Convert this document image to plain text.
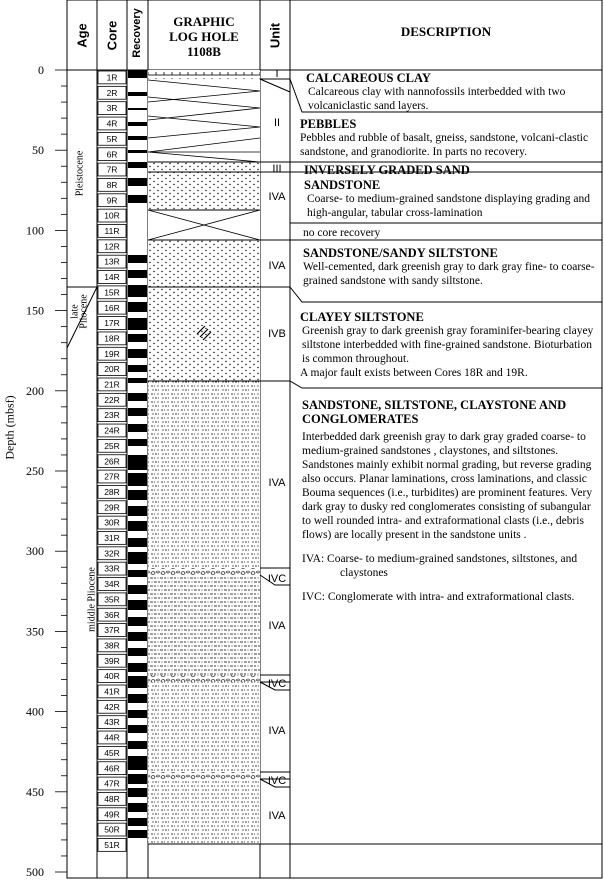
0
50
100
150
200
250
300
350
400
450
500
1R
2R
3R
4R
5R
6R
7R
8R
9R
10R
11R
12R
13R
14R
15R
16R
17R
18R
19R
20R
21R
22R
23R
24R
25R
26R
27R
28R
29R
30R
31R
32R
33R
34R
35R
36R
37R
38R
39R
40R
41R
42R
43R
44R
45R
46R
47R
48R
49R
50R
51R
I
II
III
IVA
IVA
IVB
IVA
IVC
IVA
IVC
IVA
IVC
IVA
Age Core Recovery	GRAPHIC
LOG HOLE
1108B
Unit	DESCRIPTION
Depth (mbsf)
Pleistocene
late
Pliocene
middle Pliocene

CALCAREOUS CLAY

Calcareous clay with nannofossils interbedded with two volcaniclastic sand layers.

PEBBLES

Pebbles and rubble of basalt, gneiss, sandstone, volcani-clastic sandstone, and granodiorite. In parts no recovery.

INVERSELY GRADED SAND

SANDSTONE

Coarse- to medium-grained sandstone displaying grading and high-angular, tabular cross-lamination

no core recovery

SANDSTONE/SANDY SILTSTONE

Well-cemented, dark greenish gray to dark gray fine- to coarse-grained sandstone with sandy siltstone.

CLAYEY SILTSTONE

Greenish gray to dark greenish gray foraminifer-bearing clayey siltstone interbedded with fine-grained sandstone. Bioturbation is common throughout.

A major fault exists between Cores 18R and 19R.

SANDSTONE, SILTSTONE, CLAYSTONE AND

CONGLOMERATES

Interbedded dark greenish gray to dark gray graded coarse- to medium-grained sandstones , claystones, and siltstones. Sandstones mainly exhibit normal grading, but reverse grading also occurs. Planar laminations, cross laminations, and classic Bouma sequences (i.e., turbidites) are prominent features. Very dark gray to dusky red conglomerates consisting of subangular to well rounded intra- and extraformational clasts (i.e., debris flows) are locally present in the sandstone units .

IVA: Coarse- to medium-grained sandstones, siltstones, and claystones

IVC: Conglomerate with intra- and extraformational clasts.
